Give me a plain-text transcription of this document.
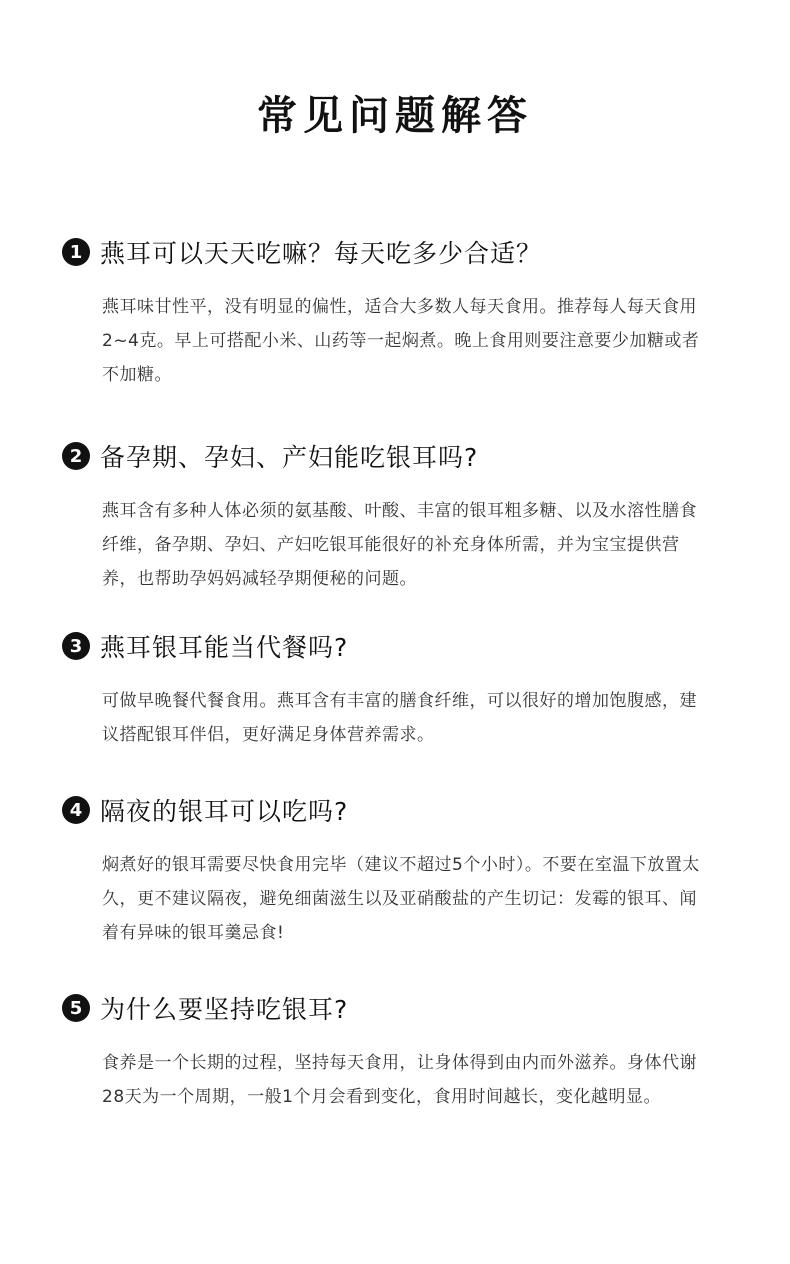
常见问题解答
1 燕耳可以天天吃嘛？每天吃多少合适？
燕耳味甘性平，没有明显的偏性，适合大多数人每天食用。推荐每人每天食用2~4克。早上可搭配小米、山药等一起焖煮。晚上食用则要注意要少加糖或者不加糖。
2 备孕期、孕妇、产妇能吃银耳吗?
燕耳含有多种人体必须的氨基酸、叶酸、丰富的银耳粗多糖、以及水溶性膳食纤维，备孕期、孕妇、产妇吃银耳能很好的补充身体所需，并为宝宝提供营养，也帮助孕妈妈减轻孕期便秘的问题。
3 燕耳银耳能当代餐吗?
可做早晚餐代餐食用。燕耳含有丰富的膳食纤维，可以很好的增加饱腹感，建议搭配银耳伴侣，更好满足身体营养需求。
4 隔夜的银耳可以吃吗?
焖煮好的银耳需要尽快食用完毕（建议不超过5个小时）。不要在室温下放置太久，更不建议隔夜，避免细菌滋生以及亚硝酸盐的产生切记：发霉的银耳、闻着有异味的银耳羹忌食!
5 为什么要坚持吃银耳?
食养是一个长期的过程，坚持每天食用，让身体得到由内而外滋养。身体代谢28天为一个周期，一般1个月会看到变化，食用时间越长，变化越明显。
